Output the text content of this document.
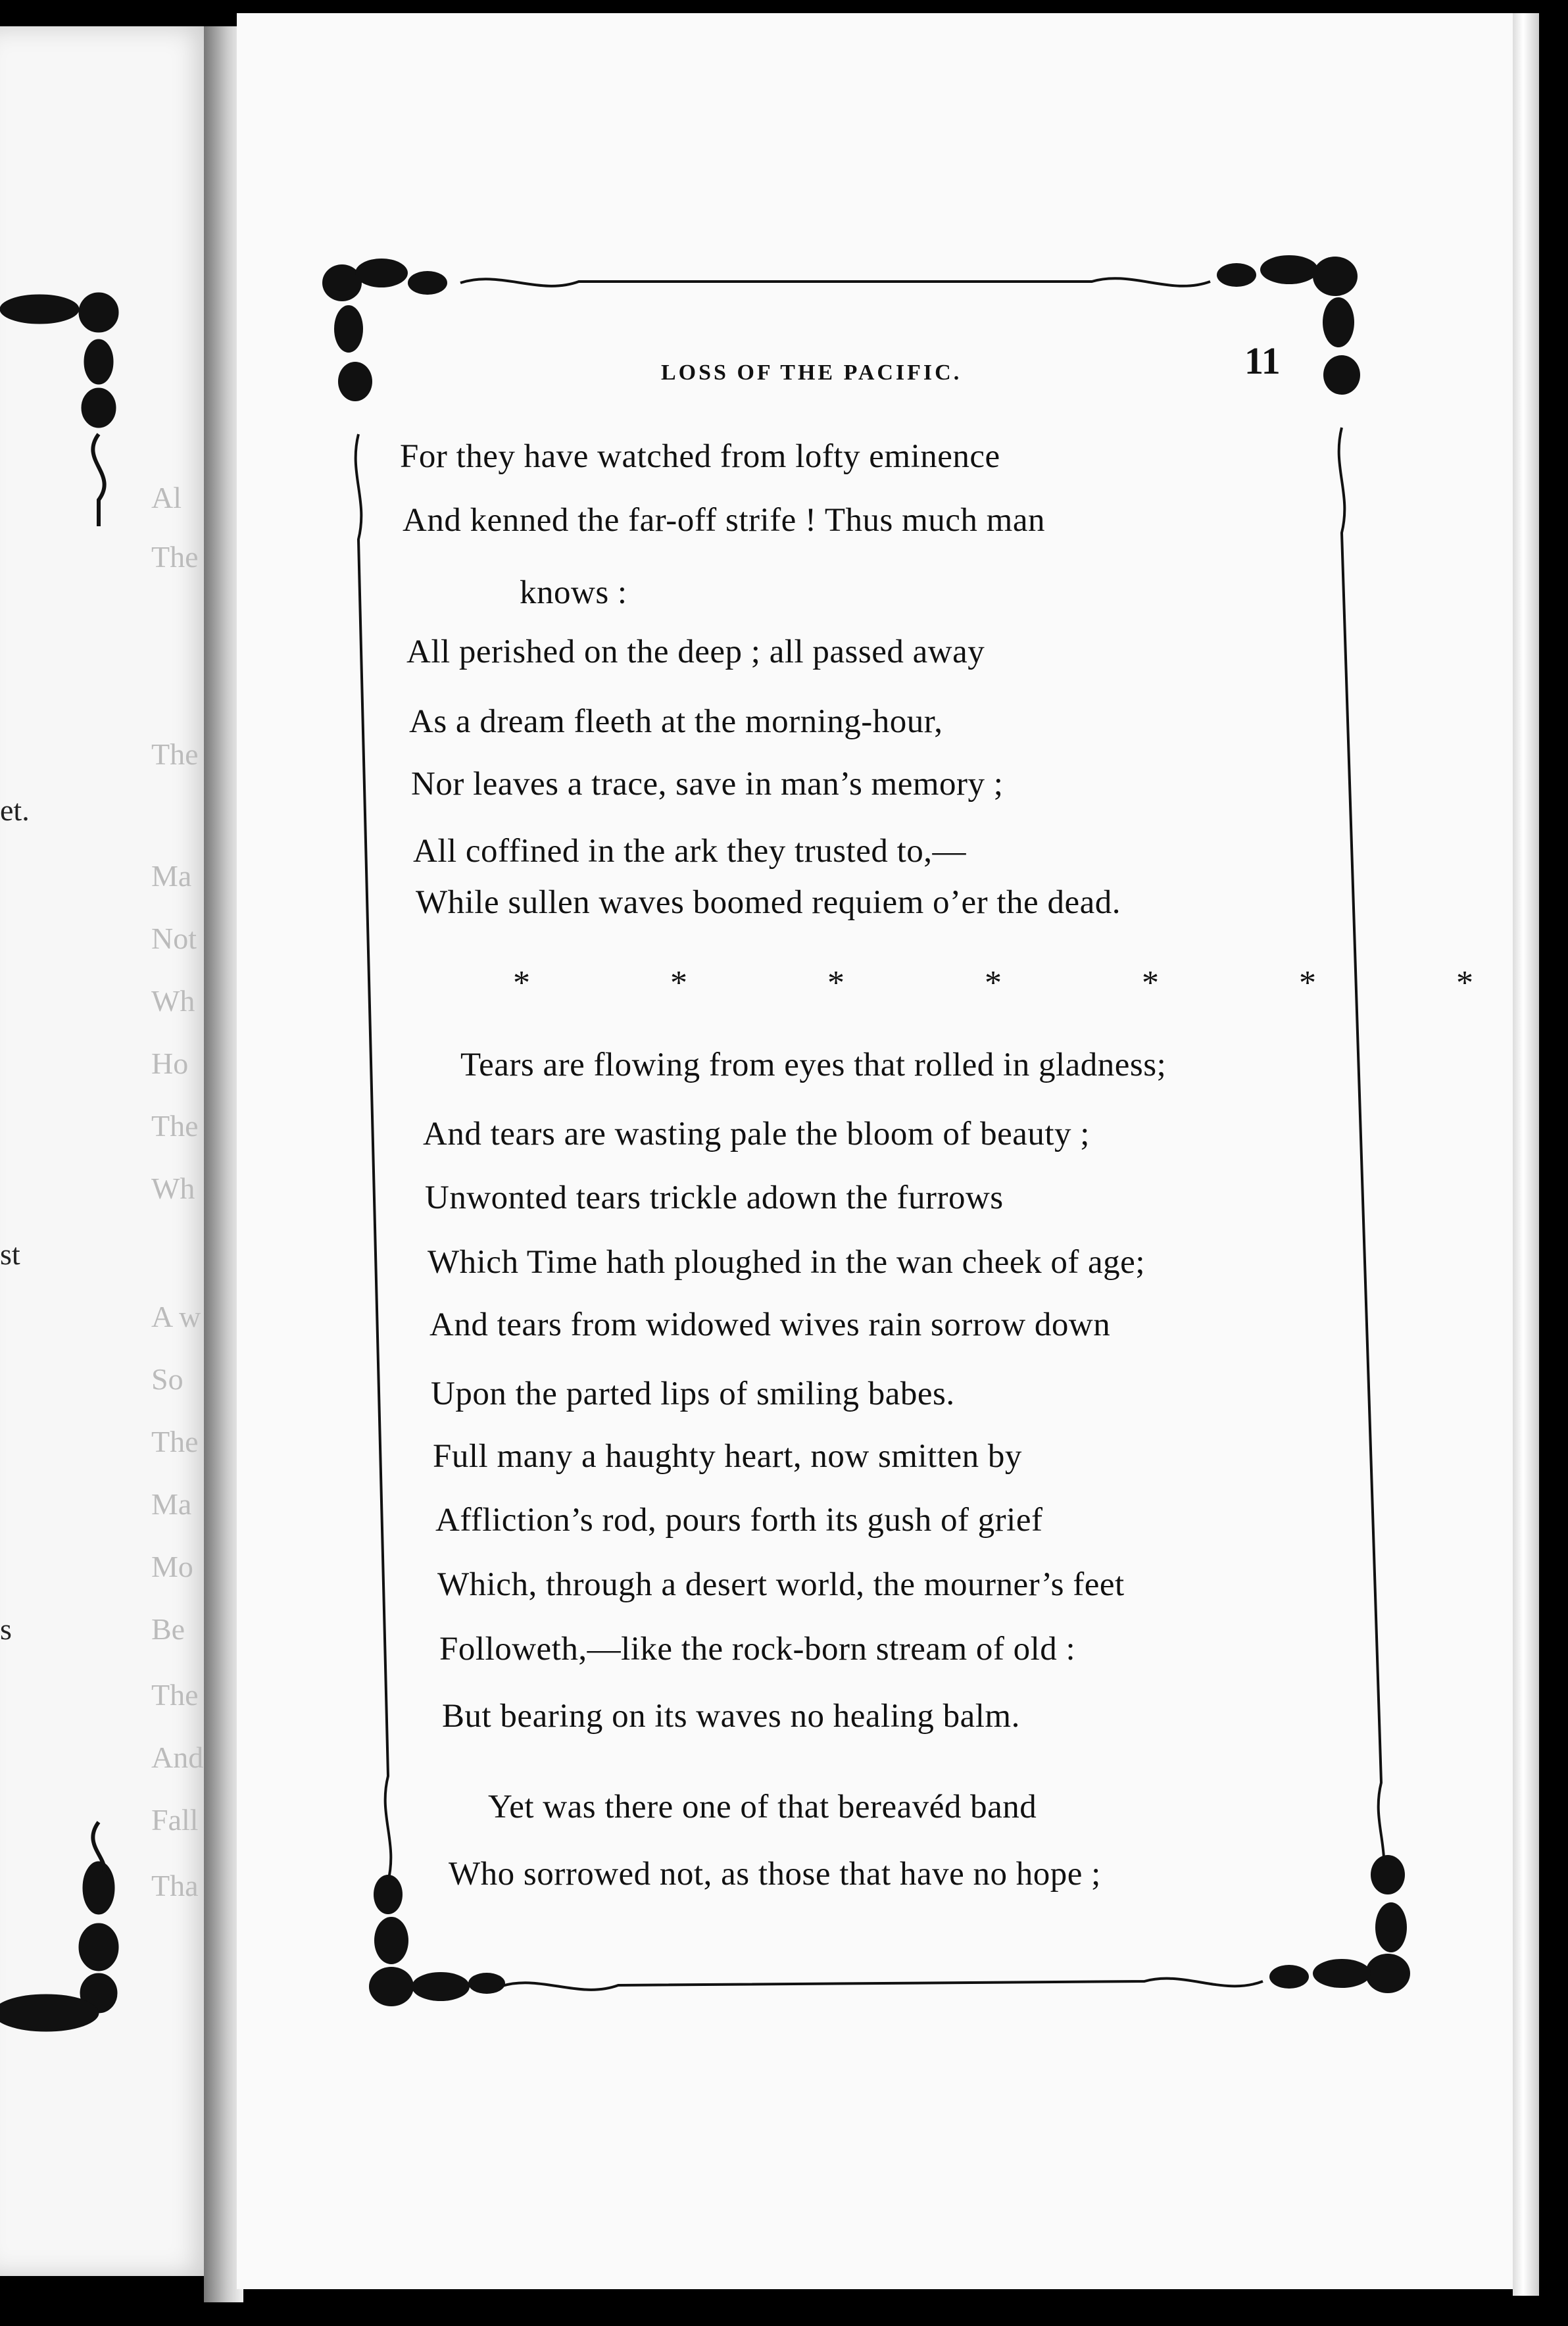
Al
The
The
et.
Ma
Not
Wh
Ho
The
Wh
st
A w
So
The
Ma
Mo
s	Be
The
And
Fall
Tha
LOSS OF THE PACIFIC.	11
For they have watched from lofty eminence
And kenned the far-off strife ! Thus much man
knows :
All perished on the deep ; all passed away
As a dream fleeth at the morning-hour,
Nor leaves a trace, save in man’s memory ;
All coffined in the ark they trusted to,—
While sullen waves boomed requiem o’er the dead.
* * * * * * *
Tears are flowing from eyes that rolled in gladness;
And tears are wasting pale the bloom of beauty ;
Unwonted tears trickle adown the furrows
Which Time hath ploughed in the wan cheek of age;
And tears from widowed wives rain sorrow down
Upon the parted lips of smiling babes.
Full many a haughty heart, now smitten by
Affliction’s rod, pours forth its gush of grief
Which, through a desert world, the mourner’s feet
Followeth,—like the rock-born stream of old :
But bearing on its waves no healing balm.
Yet was there one of that bereavéd band
Who sorrowed not, as those that have no hope ;
